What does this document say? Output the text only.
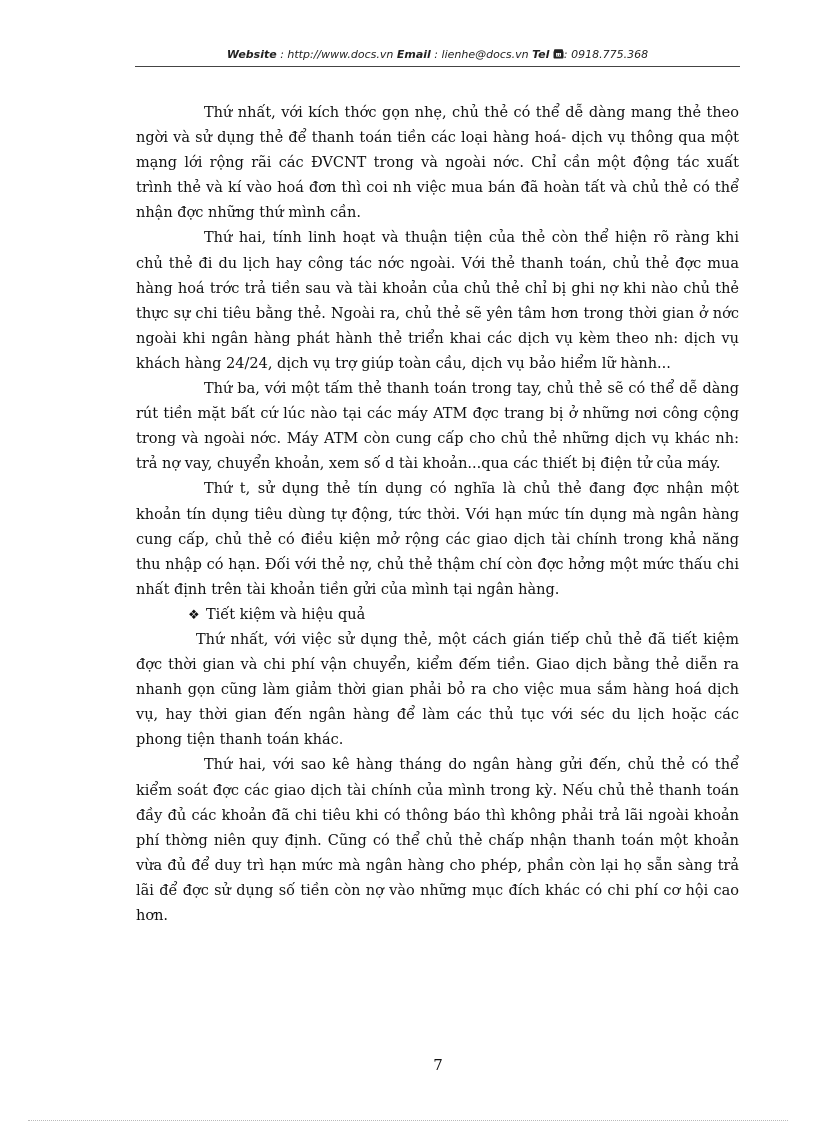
Website : http://www.docs.vn Email : lienhe@docs.vn Tel : 0918.775.368

Thứ nhất, với kích thớc gọn nhẹ, chủ thẻ có thể dễ dàng mang thẻ theo ngời và sử dụng thẻ để thanh toán tiền các loại hàng hoá- dịch vụ thông qua một mạng lới rộng rãi các ĐVCNT trong và ngoài nớc. Chỉ cần một động tác xuất trình thẻ và kí vào hoá đơn thì coi nh việc mua bán đã hoàn tất và chủ thẻ có thể nhận đợc những thứ mình cần.

Thứ hai, tính linh hoạt và thuận tiện của thẻ còn thể hiện rõ ràng khi chủ thẻ đi du lịch hay công tác nớc ngoài. Với thẻ thanh toán, chủ thẻ đợc mua hàng hoá trớc trả tiền sau và tài khoản của chủ thẻ chỉ bị ghi nợ khi nào chủ thẻ thực sự chi tiêu bằng thẻ. Ngoài ra, chủ thẻ sẽ yên tâm hơn trong thời gian ở nớc ngoài khi ngân hàng phát hành thẻ triển khai các dịch vụ kèm theo nh: dịch vụ khách hàng 24/24, dịch vụ trợ giúp toàn cầu, dịch vụ bảo hiểm lữ hành...

Thứ ba, với một tấm thẻ thanh toán trong tay, chủ thẻ sẽ có thể dễ dàng rút tiền mặt bất cứ lúc nào tại các máy ATM đợc trang bị ở những nơi công cộng trong và ngoài nớc. Máy ATM còn cung cấp cho chủ thẻ những dịch vụ khác nh: trả nợ vay, chuyển khoản, xem số d tài khoản...qua các thiết bị điện tử của máy.

Thứ t, sử dụng thẻ tín dụng có nghĩa là chủ thẻ đang đợc nhận một khoản tín dụng tiêu dùng tự động, tức thời. Với hạn mức tín dụng mà ngân hàng cung cấp, chủ thẻ có điều kiện mở rộng các giao dịch tài chính trong khả năng thu nhập có hạn. Đối với thẻ nợ, chủ thẻ thậm chí còn đợc hởng một mức thấu chi nhất định trên tài khoản tiền gửi của mình tại ngân hàng.

❖ Tiết kiệm và hiệu quả

Thứ nhất, với việc sử dụng thẻ, một cách gián tiếp chủ thẻ đã tiết kiệm đợc thời gian và chi phí vận chuyển, kiểm đếm tiền. Giao dịch bằng thẻ diễn ra nhanh gọn cũng làm giảm thời gian phải bỏ ra cho việc mua sắm hàng hoá dịch vụ, hay thời gian đến ngân hàng để làm các thủ tục với séc du lịch hoặc các phong tiện thanh toán khác.

Thứ hai, với sao kê hàng tháng do ngân hàng gửi đến, chủ thẻ có thể kiểm soát đợc các giao dịch tài chính của mình trong kỳ. Nếu chủ thẻ thanh toán đầy đủ các khoản đã chi tiêu khi có thông báo thì không phải trả lãi ngoài khoản phí thờng niên quy định. Cũng có thể chủ thẻ chấp nhận thanh toán một khoản vừa đủ để duy trì hạn mức mà ngân hàng cho phép, phần còn lại họ sẵn sàng trả lãi để đợc sử dụng số tiền còn nợ vào những mục đích khác có chi phí cơ hội cao hơn.

7
